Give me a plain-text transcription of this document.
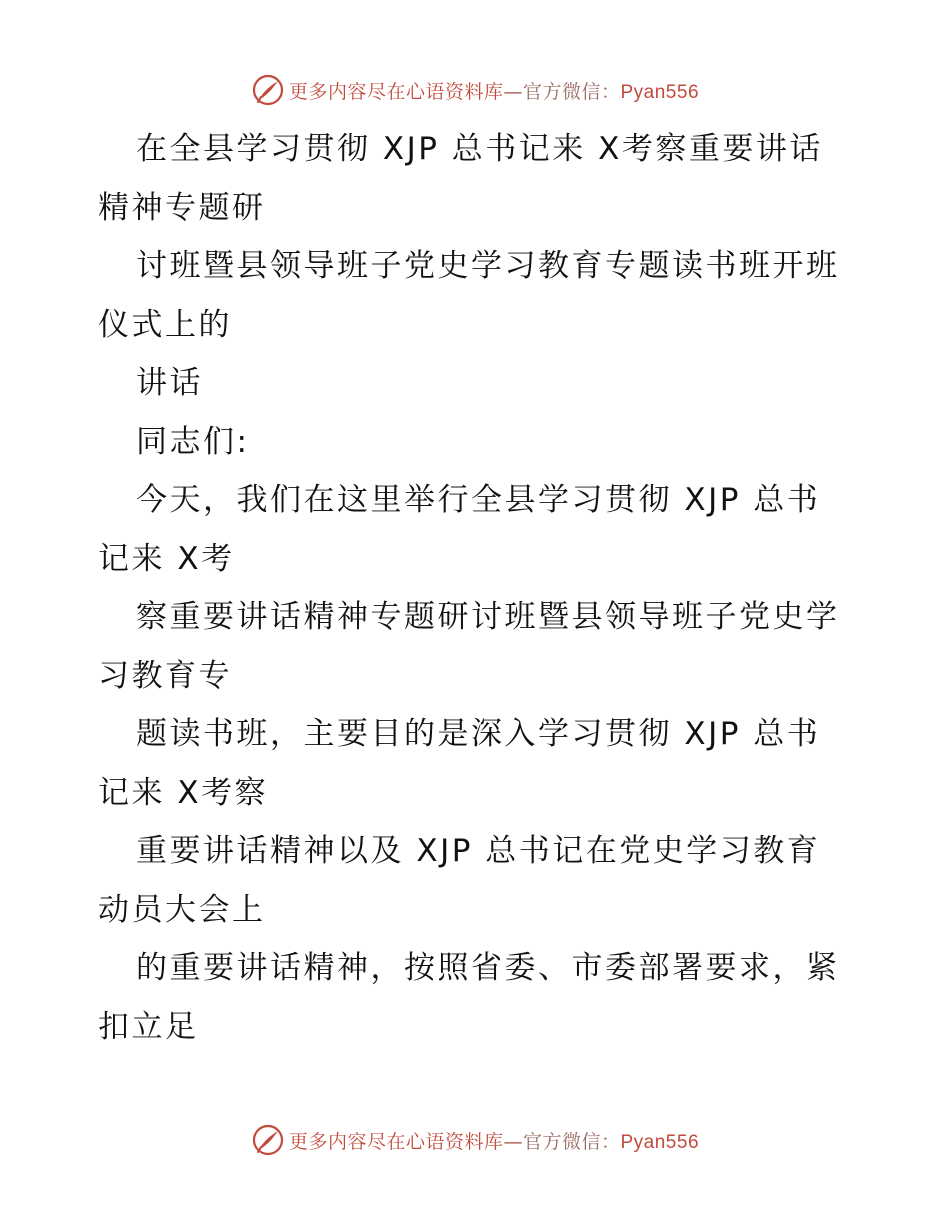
更多内容尽在心语资料库—官方微信：Pyan556
在全县学习贯彻 XJP 总书记来 X考察重要讲话
精神专题研
讨班暨县领导班子党史学习教育专题读书班开班
仪式上的
讲话
同志们:
今天，我们在这里举行全县学习贯彻 XJP 总书
记来 X考
察重要讲话精神专题研讨班暨县领导班子党史学
习教育专
题读书班，主要目的是深入学习贯彻 XJP 总书
记来 X考察
重要讲话精神以及 XJP 总书记在党史学习教育
动员大会上
的重要讲话精神，按照省委、市委部署要求，紧
扣立足
更多内容尽在心语资料库—官方微信：Pyan556
